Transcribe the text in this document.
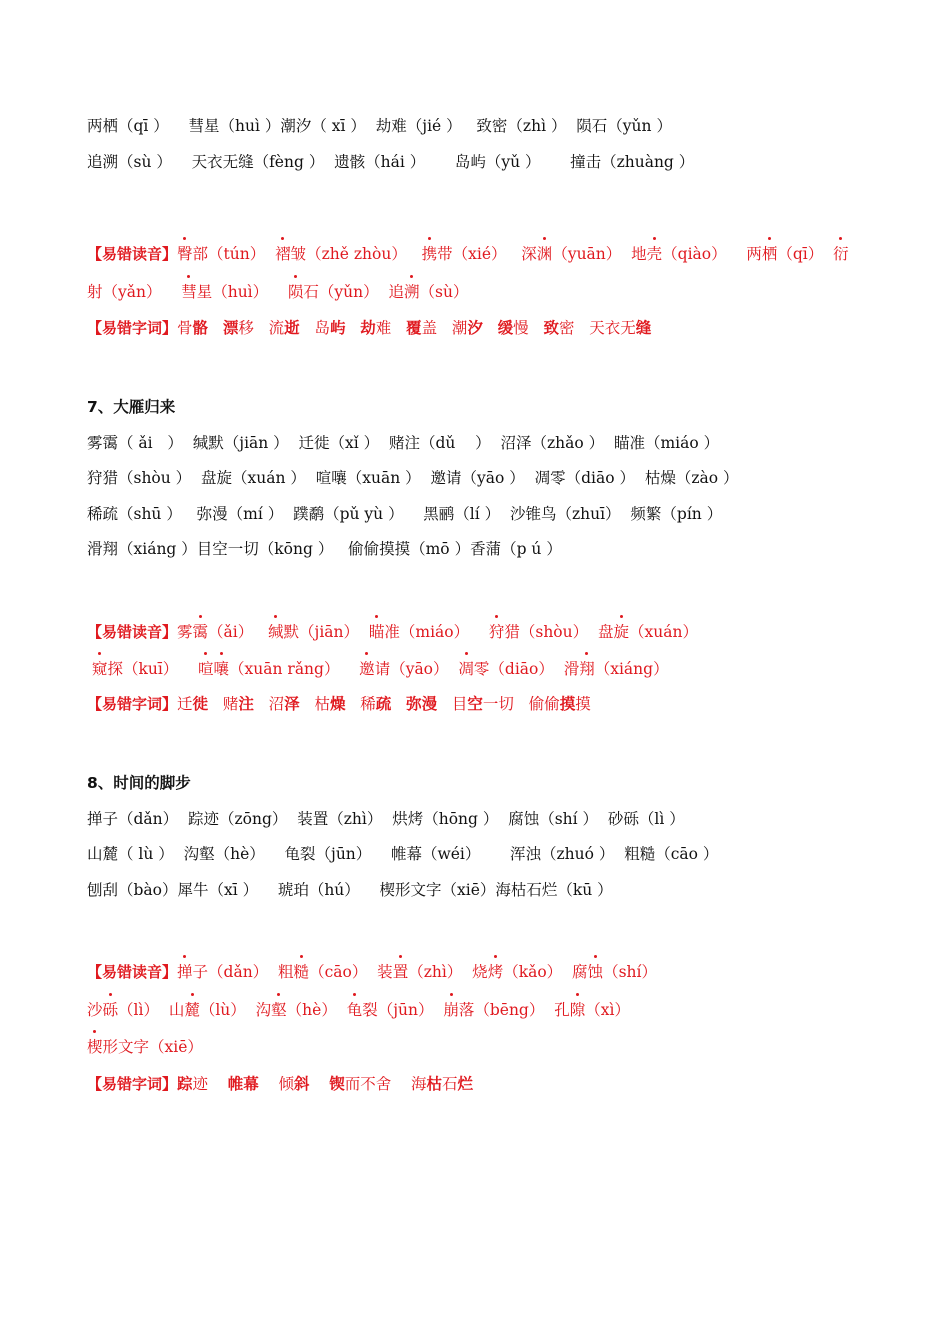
两栖（qī ）    彗星（huì ）潮汐（ xī ）  劫难（jié ）   致密（zhì ）  陨石（yǔn ）
追溯（sù ）    天衣无缝（fèng ）  遗骸（hái ）      岛屿（yǔ ）      撞击（zhuàng ）
【易错读音】臀部（tún）  褶皱（zhě zhòu）   携带（xié）   深渊（yuān）  地壳（qiào）    两栖（qī）  衍
射（yǎn）    彗星（huì）    陨石（yǔn）  追溯（sù）
【易错字词】骨骼 漂移   流逝 岛屿 劫难   覆盖   潮汐 缓慢   致密   天衣无缝
7、大雁归来
雾霭（ ǎi   ）  缄默（jiān ）  迁徙（xǐ ）  赌注（dǔ    ）  沼泽（zhǎo ）  瞄准（miáo ）
狩猎（shòu ）  盘旋（xuán ）  喧嚷（xuān ）  邀请（yāo ）  凋零（diāo ）  枯燥（zào ）
稀疏（shū ）   弥漫（mí ）  蹼鹬（pǔ yù ）    黑鹂（lí ）  沙锥鸟（zhuī）  频繁（pín ）
滑翔（xiáng ）目空一切（kōng ）   偷偷摸摸（mō ）香蒲（p ú ）
【易错读音】雾霭（ǎi）   缄默（jiān）  瞄准（miáo）    狩猎（shòu）  盘旋（xuán）
窥探（kuī）    喧嚷（xuān rǎng）    邀请（yāo）  凋零（diāo）  滑翔（xiáng）
【易错字词】迁徙 赌注 沼泽 枯燥 稀疏 弥漫 目空一切   偷偷摸摸
8、时间的脚步
掸子（dǎn）  踪迹（zōng）  装置（zhì）  烘烤（hōng ）  腐蚀（shí ）  砂砾（lì ）
山麓（ lù ）  沟壑（hè）    龟裂（jūn）    帷幕（wéi）      浑浊（zhuó ）  粗糙（cāo ）
刨刮（bào）犀牛（xī ）    琥珀（hú）    楔形文字（xiē）海枯石烂（kū ）
【易错读音】掸子（dǎn）  粗糙（cāo）  装置（zhì）  烧烤（kǎo）  腐蚀（shí）
沙砾（lì）  山麓（lù）  沟壑（hè）  龟裂（jūn）  崩落（bēng）  孔隙（xì）
楔形文字（xiē）
【易错字词】踪迹    帷幕    倾斜 锲而不舍    海枯石烂
